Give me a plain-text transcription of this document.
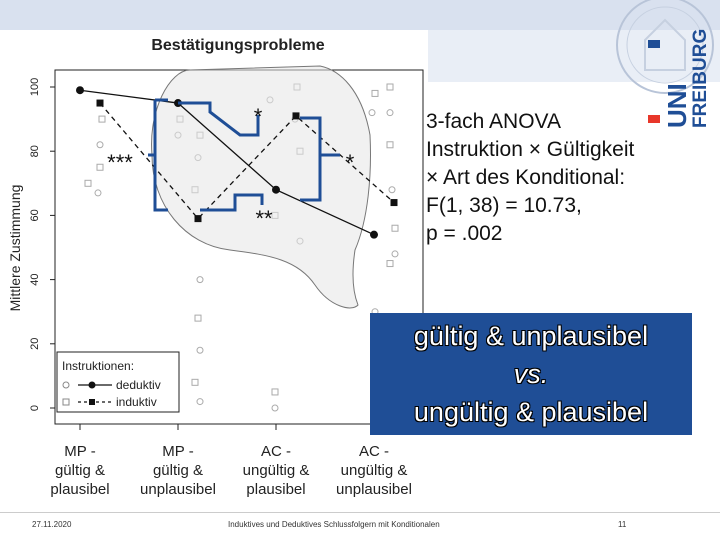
UNI
FREIBURG
Bestätigungsprobleme
Mittlere Zustimmung
0
20
40
60
80
100
MP -
gültig &
plausibel
MP -
gültig &
unplausibel
AC -
ungültig &
plausibel
AC -
ungültig &
unplausibel
***
*
*
**
Instruktionen:
deduktiv
induktiv
3-fach ANOVA
Instruktion × Gültigkeit
× Art des Konditional:
F(1, 38) = 10.73,
p = .002
gültig & unplausibel
vs.
ungültig & plausibel
27.11.2020	Induktives und Deduktives Schlussfolgern mit Konditionalen	11
